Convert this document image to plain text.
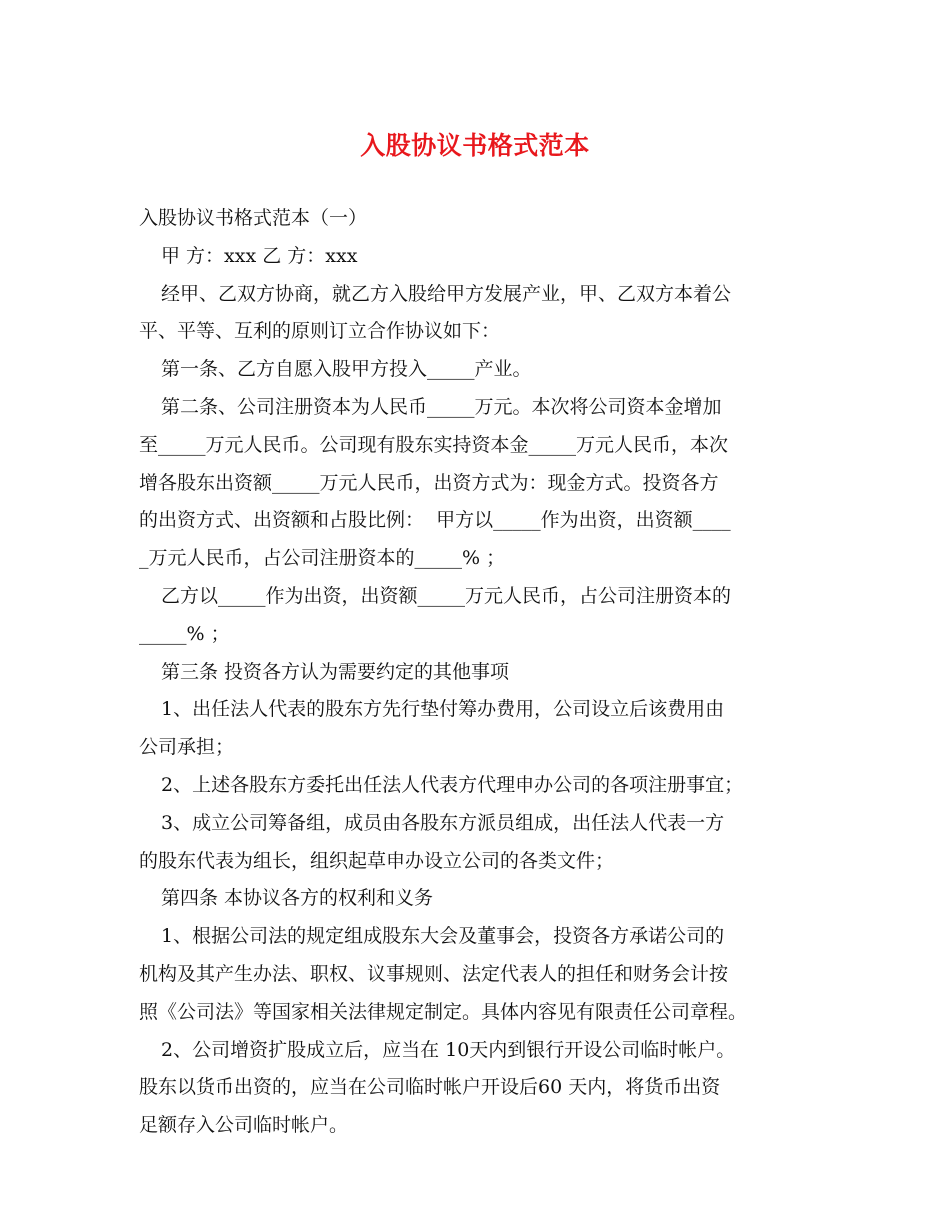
入股协议书格式范本
入股协议书格式范本（一）
甲 方：xxx 乙 方：xxx
经甲、乙双方协商，就乙方入股给甲方发展产业，甲、乙双方本着公
平、平等、互利的原则订立合作协议如下：
第一条、乙方自愿入股甲方投入_____产业。
第二条、公司注册资本为人民币_____万元。本次将公司资本金增加
至_____万元人民币。公司现有股东实持资本金_____万元人民币，本次
增各股东出资额_____万元人民币，出资方式为：现金方式。投资各方
的出资方式、出资额和占股比例：  甲方以_____作为出资，出资额____
_万元人民币，占公司注册资本的_____% ；
乙方以_____作为出资，出资额_____万元人民币，占公司注册资本的
_____% ；
第三条 投资各方认为需要约定的其他事项
1、出任法人代表的股东方先行垫付筹办费用，公司设立后该费用由
公司承担；
2、上述各股东方委托出任法人代表方代理申办公司的各项注册事宜；
3、成立公司筹备组，成员由各股东方派员组成，出任法人代表一方
的股东代表为组长，组织起草申办设立公司的各类文件；
第四条 本协议各方的权利和义务
1、根据公司法的规定组成股东大会及董事会，投资各方承诺公司的
机构及其产生办法、职权、议事规则、法定代表人的担任和财务会计按
照《公司法》等国家相关法律规定制定。具体内容见有限责任公司章程。
2、公司增资扩股成立后，应当在 10天内到银行开设公司临时帐户。
股东以货币出资的，应当在公司临时帐户开设后60 天内，将货币出资
足额存入公司临时帐户。
